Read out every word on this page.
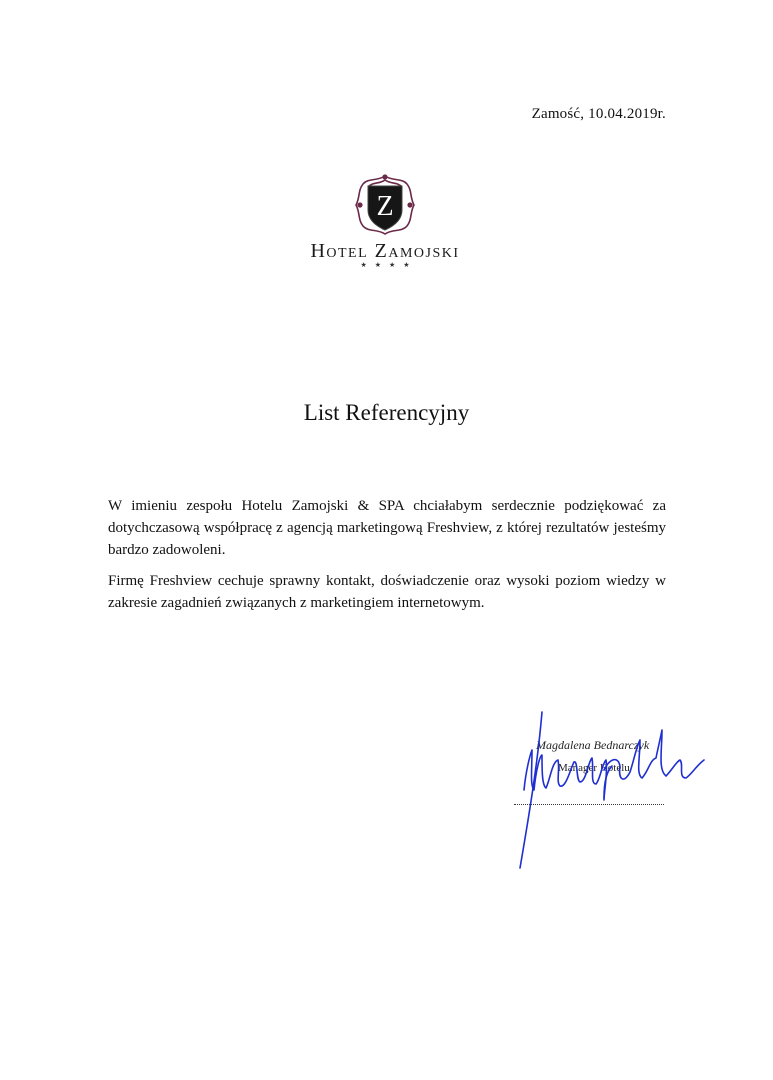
Zamość, 10.04.2019r.
Z
Hotel Zamojski
★★★★
List Referencyjny
W imieniu zespołu Hotelu Zamojski & SPA chciałabym serdecznie podziękować za dotychczasową współpracę z agencją marketingową Freshview, z której rezultatów jesteśmy bardzo zadowoleni.
Firmę Freshview cechuje sprawny kontakt, doświadczenie oraz wysoki poziom wiedzy w zakresie zagadnień związanych z marketingiem internetowym.
Magdalena Bednarczyk
Manager Hotelu
